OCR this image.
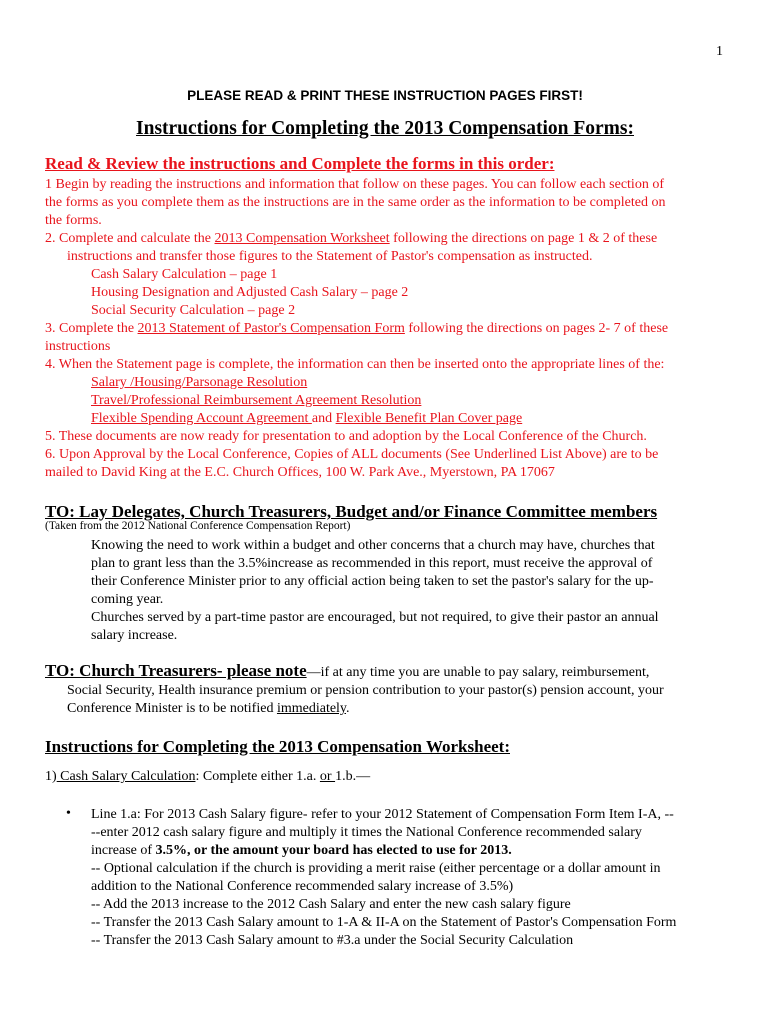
1
PLEASE READ & PRINT THESE INSTRUCTION PAGES FIRST!
Instructions for Completing the 2013 Compensation Forms:
Read & Review the instructions and Complete the forms in this order:
1 Begin by reading the instructions and information that follow on these pages. You can follow each section of
the forms as you complete them as the instructions are in the same order as the information to be completed on
the forms.
2. Complete and calculate the 2013 Compensation Worksheet following the directions on page 1 & 2 of these
instructions and transfer those figures to the Statement of Pastor's compensation as instructed.
Cash Salary Calculation – page 1
Housing Designation and Adjusted Cash Salary – page 2
Social Security Calculation – page 2
3. Complete the 2013 Statement of Pastor's Compensation Form following the directions on pages 2- 7 of these
instructions
4. When the Statement page is complete, the information can then be inserted onto the appropriate lines of the:
Salary /Housing/Parsonage Resolution
Travel/Professional Reimbursement Agreement Resolution
Flexible Spending Account Agreement and Flexible Benefit Plan Cover page
5. These documents are now ready for presentation to and adoption by the Local Conference of the Church.
6. Upon Approval by the Local Conference, Copies of ALL documents (See Underlined List Above) are to be
mailed to David King at the E.C. Church Offices, 100 W. Park Ave., Myerstown, PA 17067
TO: Lay Delegates, Church Treasurers, Budget and/or Finance Committee members
(Taken from the 2012 National Conference Compensation Report)
Knowing the need to work within a budget and other concerns that a church may have, churches that
plan to grant less than the 3.5%increase as recommended in this report, must receive the approval of
their Conference Minister prior to any official action being taken to set the pastor's salary for the up-
coming year.
Churches served by a part-time pastor are encouraged, but not required, to give their pastor an annual
salary increase.
TO: Church Treasurers- please note—if at any time you are unable to pay salary, reimbursement,
Social Security, Health insurance premium or pension contribution to your pastor(s) pension account, your
Conference Minister is to be notified immediately.
Instructions for Completing the 2013 Compensation Worksheet:
1) Cash Salary Calculation: Complete either 1.a. or 1.b.—
• Line 1.a: For 2013 Cash Salary figure- refer to your 2012 Statement of Compensation Form Item I-A, --
--enter 2012 cash salary figure and multiply it times the National Conference recommended salary
increase of 3.5%, or the amount your board has elected to use for 2013.
-- Optional calculation if the church is providing a merit raise (either percentage or a dollar amount in
addition to the National Conference recommended salary increase of 3.5%)
-- Add the 2013 increase to the 2012 Cash Salary and enter the new cash salary figure
-- Transfer the 2013 Cash Salary amount to 1-A & II-A on the Statement of Pastor's Compensation Form
-- Transfer the 2013 Cash Salary amount to #3.a under the Social Security Calculation
